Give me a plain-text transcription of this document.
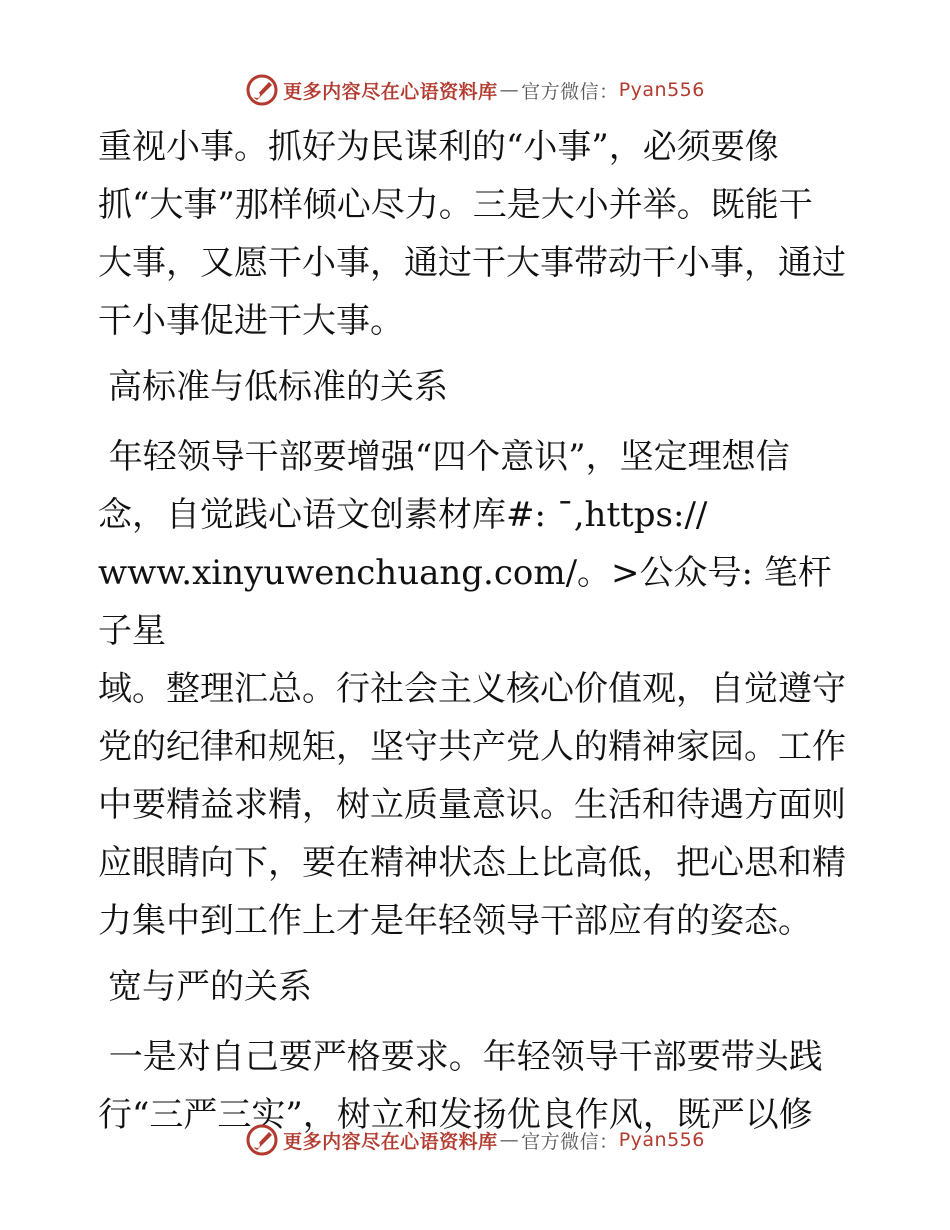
更多内容尽在心语资料库 — 官方微信： Pyan556

重视小事。抓好为民谋利的“小事”，必须要像

抓“大事”那样倾心尽力。三是大小并举。既能干

大事，又愿干小事，通过干大事带动干小事，通过

干小事促进干大事。

高标准与低标准的关系

年轻领导干部要增强“四个意识”，坚定理想信

念，自觉践心语文创素材库#: ¯,https://

www.xinyuwenchuang.com/。>公众号: 笔杆子星

域。整理汇总。行社会主义核心价值观，自觉遵守

党的纪律和规矩，坚守共产党人的精神家园。工作

中要精益求精，树立质量意识。生活和待遇方面则

应眼睛向下，要在精神状态上比高低，把心思和精

力集中到工作上才是年轻领导干部应有的姿态。

宽与严的关系

一是对自己要严格要求。年轻领导干部要带头践

行“三严三实”，树立和发扬优良作风，既严以修

更多内容尽在心语资料库 — 官方微信： Pyan556
